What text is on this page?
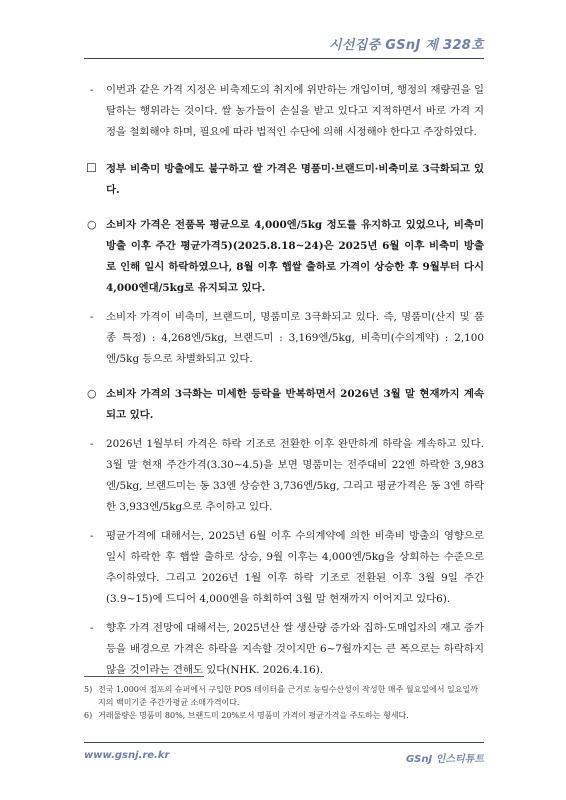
시선집중 GSnJ 제 328호
- 이번과 같은 가격 지정은 비축제도의 취지에 위반하는 개입이며, 행정의 재량권을 일탈하는 행위라는 것이다. 쌀 농가들이 손실을 받고 있다고 지적하면서 바로 가격 지정을 철회해야 하며, 필요에 따라 법적인 수단에 의해 시정해야 한다고 주장하였다.
☐ 정부 비축미 방출에도 불구하고 쌀 가격은 명품미·브랜드미·비축미로 3극화되고 있다.
○ 소비자 가격은 전품목 평균으로 4,000엔/5kg 정도를 유지하고 있었으나, 비축미 방출 이후 주간 평균가격5)(2025.8.18~24)은 2025년 6월 이후 비축미 방출로 인해 일시 하락하였으나, 8월 이후 햅쌀 출하로 가격이 상승한 후 9월부터 다시 4,000엔대/5kg로 유지되고 있다.
- 소비자 가격이 비축미, 브랜드미, 명품미로 3극화되고 있다. 즉, 명품미(산지 및 품종 특정) : 4,268엔/5kg, 브랜드미 : 3,169엔/5kg, 비축미(수의계약) : 2,100엔/5kg 등으로 차별화되고 있다.
○ 소비자 가격의 3극화는 미세한 등락을 반복하면서 2026년 3월 말 현재까지 계속되고 있다.
- 2026년 1월부터 가격은 하락 기조로 전환한 이후 완만하게 하락을 계속하고 있다. 3월 말 현재 주간가격(3.30~4.5)을 보면 명품미는 전주대비 22엔 하락한 3,983엔/5kg, 브랜드미는 동 33엔 상승한 3,736엔/5kg, 그리고 평균가격은 동 3엔 하락한 3,933엔/5kg으로 추이하고 있다.
- 평균가격에 대해서는, 2025년 6월 이후 수의계약에 의한 비축비 방출의 영향으로 일시 하락한 후 햅쌀 출하로 상승, 9월 이후는 4,000엔/5kg을 상회하는 수준으로 추이하였다. 그리고 2026년 1월 이후 하락 기조로 전환된 이후 3월 9일 주간(3.9~15)에 드디어 4,000엔을 하회하여 3월 말 현재까지 이어지고 있다6).
- 향후 가격 전망에 대해서는, 2025년산 쌀 생산량 증가와 집하·도매업자의 재고 증가 등을 배경으로 가격은 하락을 지속할 것이지만 6~7월까지는 큰 폭으로는 하락하지 않을 것이라는 견해도 있다(NHK. 2026.4.16).
5) 전국 1,000여 점포의 슈퍼에서 구입한 POS 데이터를 근거로 농림수산성이 작성한 매주 월요일에서 일요일까지의 백미기준 주간가평균 소매가격이다.
6) 거래물량은 명품미 80%, 브랜드미 20%로서 명품미 가격이 평균가격을 주도하는 형세다.
www.gsnj.re.kr	GSnJ 인스티튜트
